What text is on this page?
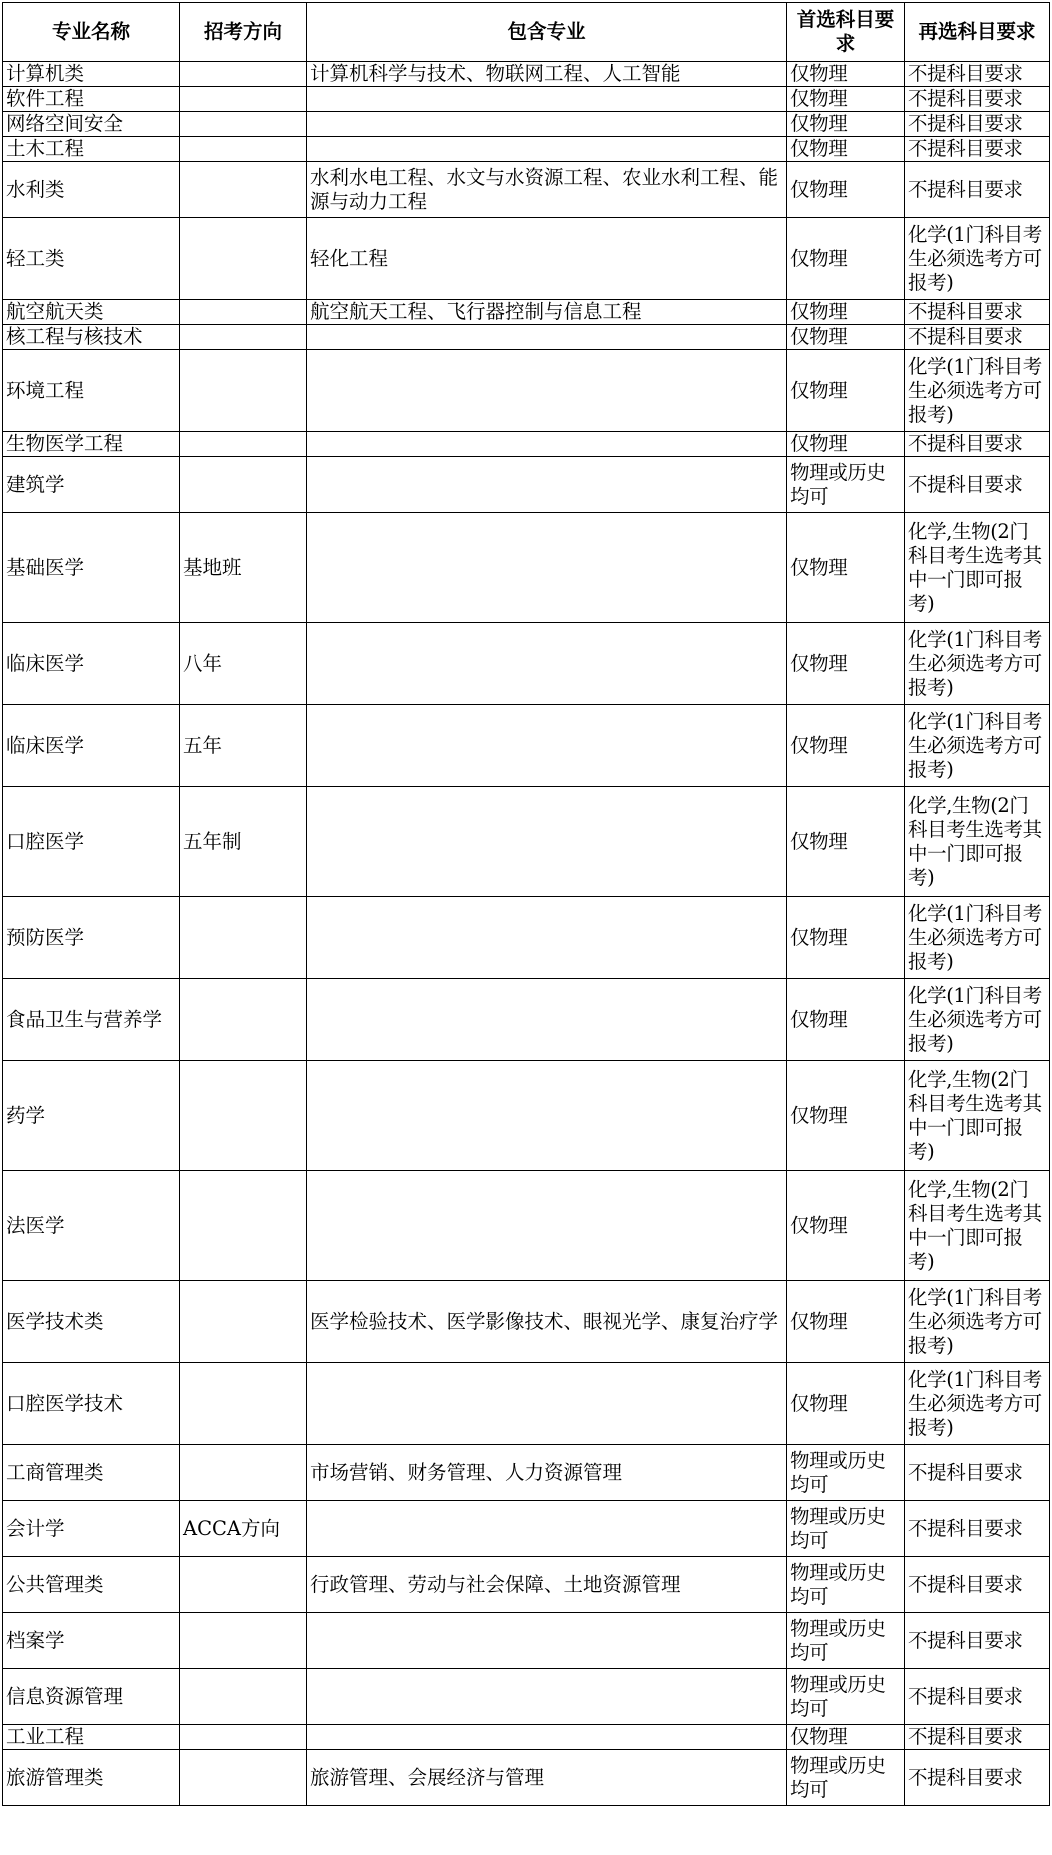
专业名称	招考方向	包含专业	首选科目要求	再选科目要求
计算机类		计算机科学与技术、物联网工程、人工智能	仅物理	不提科目要求
软件工程			仅物理	不提科目要求
网络空间安全			仅物理	不提科目要求
土木工程			仅物理	不提科目要求
水利类		水利水电工程、水文与水资源工程、农业水利工程、能源与动力工程	仅物理	不提科目要求
轻工类		轻化工程	仅物理	化学(1门科目考生必须选考方可报考)
航空航天类		航空航天工程、飞行器控制与信息工程	仅物理	不提科目要求
核工程与核技术			仅物理	不提科目要求
环境工程			仅物理	化学(1门科目考生必须选考方可报考)
生物医学工程			仅物理	不提科目要求
建筑学			物理或历史均可	不提科目要求
基础医学	基地班		仅物理	化学,生物(2门科目考生选考其中一门即可报考)
临床医学	八年		仅物理	化学(1门科目考生必须选考方可报考)
临床医学	五年		仅物理	化学(1门科目考生必须选考方可报考)
口腔医学	五年制		仅物理	化学,生物(2门科目考生选考其中一门即可报考)
预防医学			仅物理	化学(1门科目考生必须选考方可报考)
食品卫生与营养学			仅物理	化学(1门科目考生必须选考方可报考)
药学			仅物理	化学,生物(2门科目考生选考其中一门即可报考)
法医学			仅物理	化学,生物(2门科目考生选考其中一门即可报考)
医学技术类		医学检验技术、医学影像技术、眼视光学、康复治疗学	仅物理	化学(1门科目考生必须选考方可报考)
口腔医学技术			仅物理	化学(1门科目考生必须选考方可报考)
工商管理类		市场营销、财务管理、人力资源管理	物理或历史均可	不提科目要求
会计学	ACCA方向		物理或历史均可	不提科目要求
公共管理类		行政管理、劳动与社会保障、土地资源管理	物理或历史均可	不提科目要求
档案学			物理或历史均可	不提科目要求
信息资源管理			物理或历史均可	不提科目要求
工业工程			仅物理	不提科目要求
旅游管理类		旅游管理、会展经济与管理	物理或历史均可	不提科目要求
